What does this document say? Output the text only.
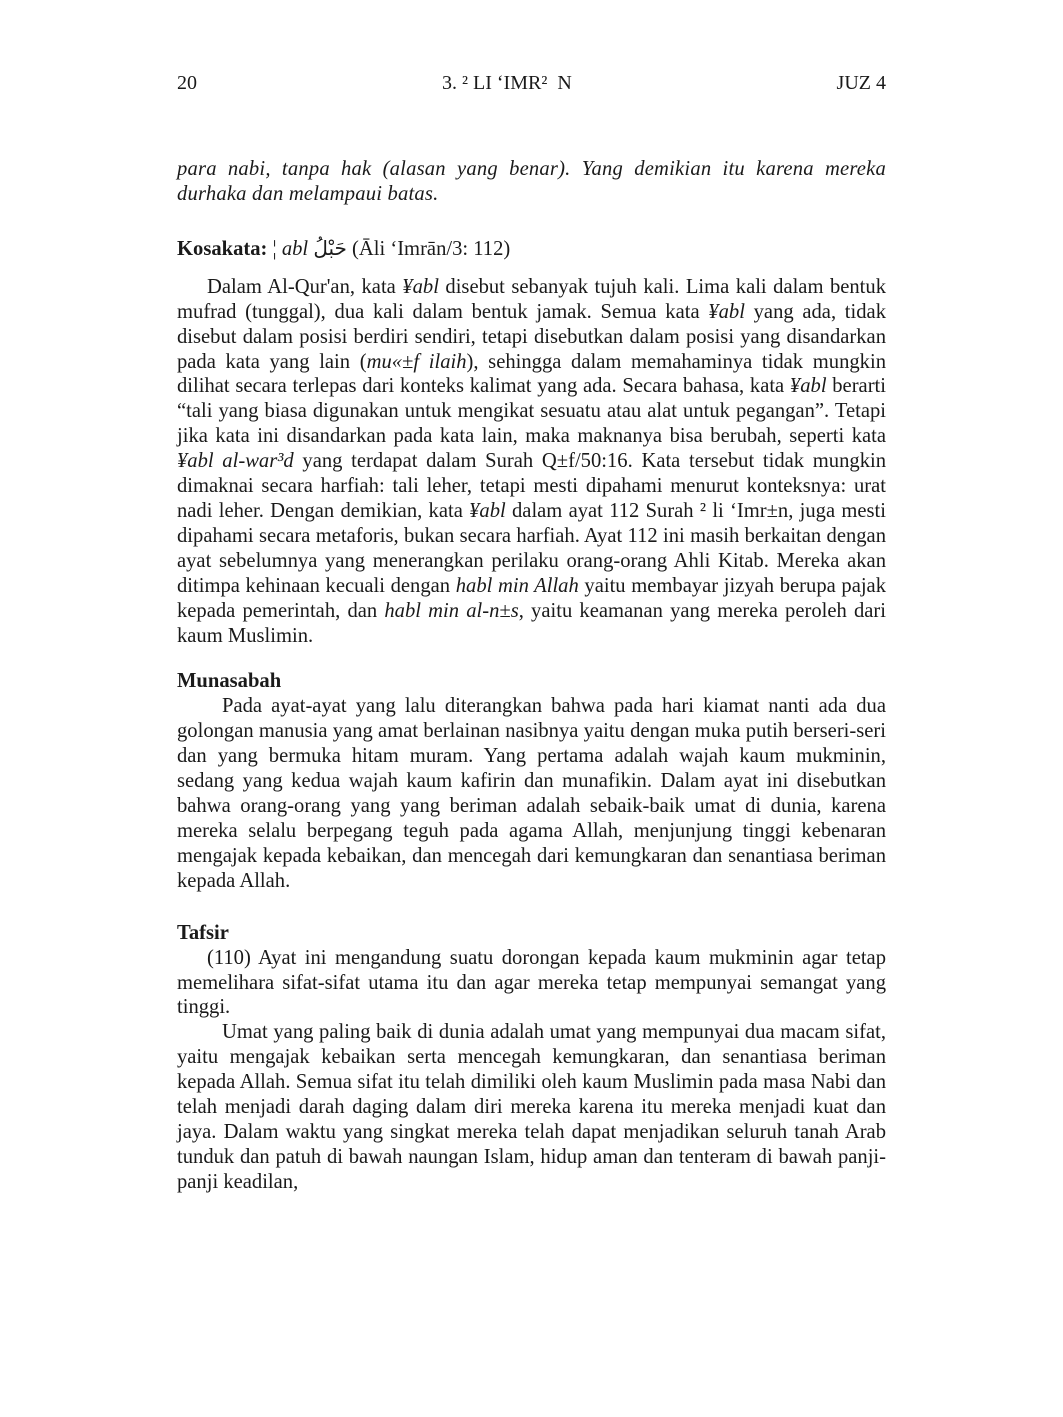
20	3. ² LI ‘IMR²  N	JUZ 4

para nabi, tanpa hak (alasan yang benar). Yang demikian itu karena mereka durhaka dan melampaui batas.

Kosakata: ¦ abl حَبْلُ (Āli ‘Imrān/3: 112)

Dalam Al-Qur'an, kata ¥abl disebut sebanyak tujuh kali. Lima kali dalam bentuk mufrad (tunggal), dua kali dalam bentuk jamak. Semua kata ¥abl yang ada, tidak disebut dalam posisi berdiri sendiri, tetapi disebutkan dalam posisi yang disandarkan pada kata yang lain (mu«±f ilaih), sehingga dalam memahaminya tidak mungkin dilihat secara terlepas dari konteks kalimat yang ada. Secara bahasa, kata ¥abl berarti “tali yang biasa digunakan untuk mengikat sesuatu atau alat untuk pegangan”. Tetapi jika kata ini disandarkan pada kata lain, maka maknanya bisa berubah, seperti kata ¥abl al-war³d yang terdapat dalam Surah Q±f/50:16. Kata tersebut tidak mungkin dimaknai secara harfiah: tali leher, tetapi mesti dipahami menurut konteksnya: urat nadi leher. Dengan demikian, kata ¥abl dalam ayat 112 Surah ² li ‘Imr±n, juga mesti dipahami secara metaforis, bukan secara harfiah. Ayat 112 ini masih berkaitan dengan ayat sebelumnya yang menerangkan perilaku orang-orang Ahli Kitab. Mereka akan ditimpa kehinaan kecuali dengan habl min Allah yaitu membayar jizyah berupa pajak kepada pemerintah, dan habl min al-n±s, yaitu keamanan yang mereka peroleh dari kaum Muslimin.

Munasabah

Pada ayat-ayat yang lalu diterangkan bahwa pada hari kiamat nanti ada dua golongan manusia yang amat berlainan nasibnya yaitu dengan muka putih berseri-seri dan yang bermuka hitam muram. Yang pertama adalah wajah kaum mukminin, sedang yang kedua wajah kaum kafirin dan munafikin. Dalam ayat ini disebutkan bahwa orang-orang yang yang beriman adalah sebaik-baik umat di dunia, karena mereka selalu berpegang teguh pada agama Allah, menjunjung tinggi kebenaran mengajak kepada kebaikan, dan mencegah dari kemungkaran dan senantiasa beriman kepada Allah.

Tafsir

(110) Ayat ini mengandung suatu dorongan kepada kaum mukminin agar tetap memelihara sifat-sifat utama itu dan agar mereka tetap mempunyai semangat yang tinggi.

Umat yang paling baik di dunia adalah umat yang mempunyai dua macam sifat, yaitu mengajak kebaikan serta mencegah kemungkaran, dan senantiasa beriman kepada Allah. Semua sifat itu telah dimiliki oleh kaum Muslimin pada masa Nabi dan telah menjadi darah daging dalam diri mereka karena itu mereka menjadi kuat dan jaya. Dalam waktu yang singkat mereka telah dapat menjadikan seluruh tanah Arab tunduk dan patuh di bawah naungan Islam, hidup aman dan tenteram di bawah panji-panji keadilan,
